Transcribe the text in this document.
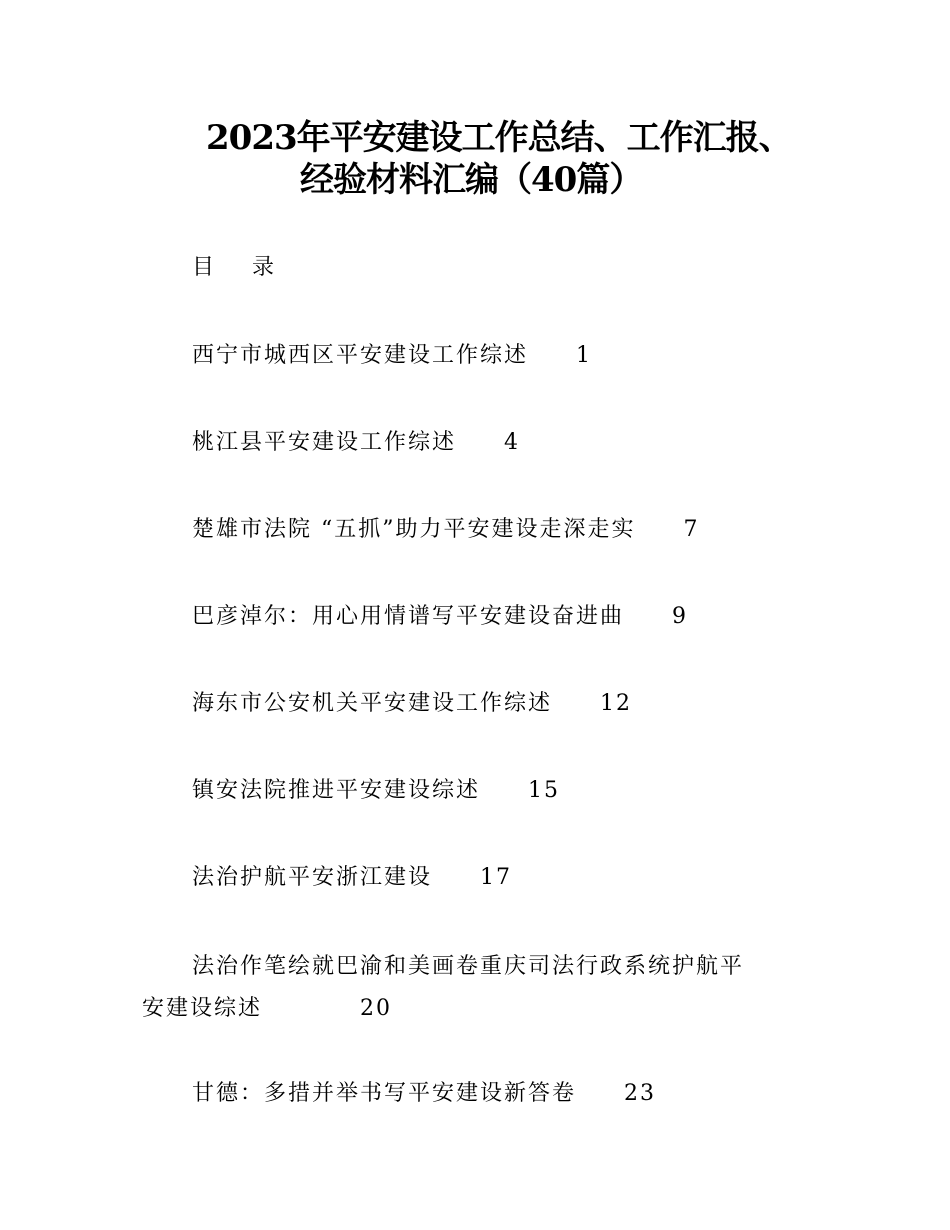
2023年平安建设工作总结、工作汇报、
经验材料汇编（40篇）
目    录
西宁市城西区平安建设工作综述 1
桃江县平安建设工作综述 4
楚雄市法院 “五抓”助力平安建设走深走实 7
巴彦淖尔：用心用情谱写平安建设奋进曲 9
海东市公安机关平安建设工作综述 12
镇安法院推进平安建设综述 15
法治护航平安浙江建设 17
法治作笔绘就巴渝和美画卷重庆司法行政系统护航平安建设综述	20
甘德：多措并举书写平安建设新答卷 23
